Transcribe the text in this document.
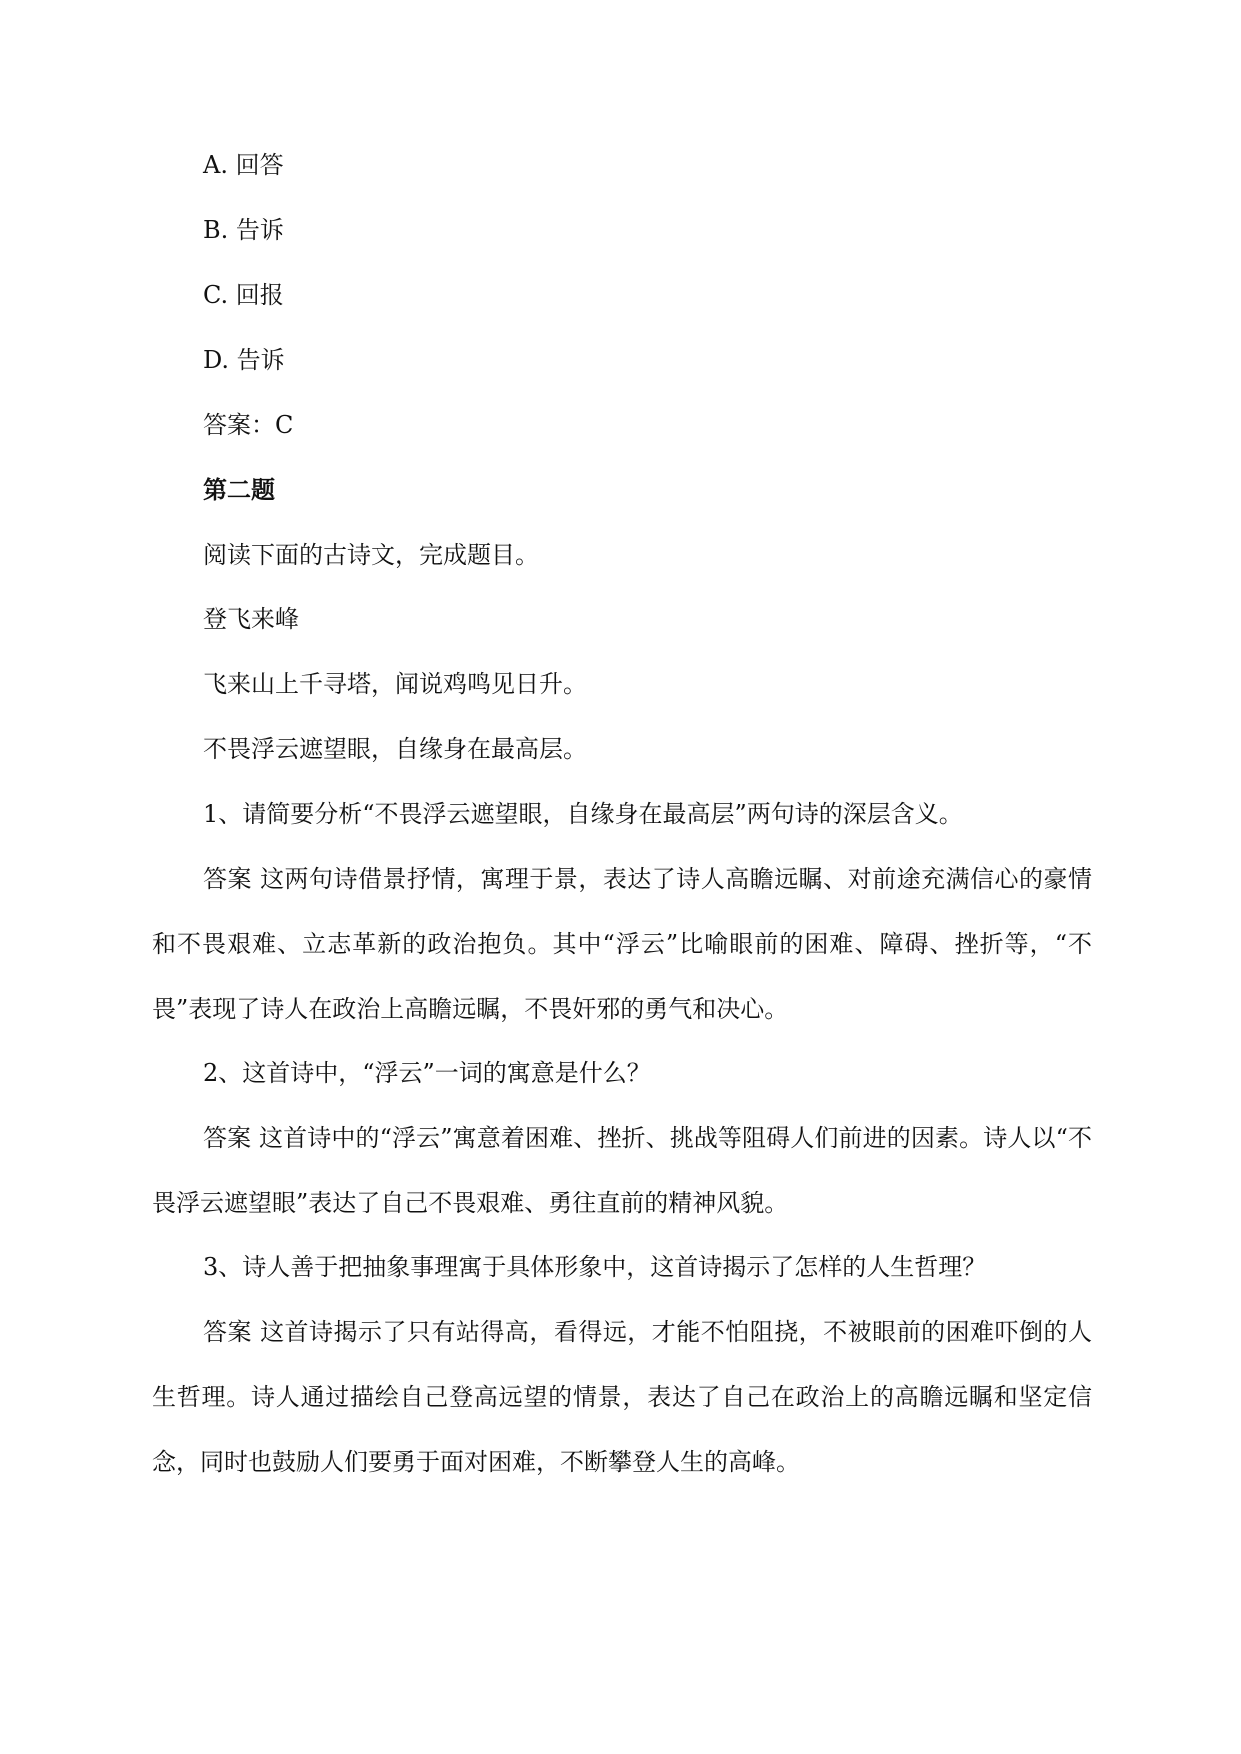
A. 回答
B. 告诉
C. 回报
D. 告诉
答案：C
第二题
阅读下面的古诗文，完成题目。
登飞来峰
飞来山上千寻塔，闻说鸡鸣见日升。
不畏浮云遮望眼，自缘身在最高层。
1、请简要分析“不畏浮云遮望眼，自缘身在最高层”两句诗的深层含义。
答案 这两句诗借景抒情，寓理于景，表达了诗人高瞻远瞩、对前途充满信心的豪情和不畏艰难、立志革新的政治抱负。其中“浮云”比喻眼前的困难、障碍、挫折等，“不畏”表现了诗人在政治上高瞻远瞩，不畏奸邪的勇气和决心。
2、这首诗中，“浮云”一词的寓意是什么？
答案 这首诗中的“浮云”寓意着困难、挫折、挑战等阻碍人们前进的因素。诗人以“不畏浮云遮望眼”表达了自己不畏艰难、勇往直前的精神风貌。
3、诗人善于把抽象事理寓于具体形象中，这首诗揭示了怎样的人生哲理？
答案 这首诗揭示了只有站得高，看得远，才能不怕阻挠，不被眼前的困难吓倒的人生哲理。诗人通过描绘自己登高远望的情景，表达了自己在政治上的高瞻远瞩和坚定信念，同时也鼓励人们要勇于面对困难，不断攀登人生的高峰。
